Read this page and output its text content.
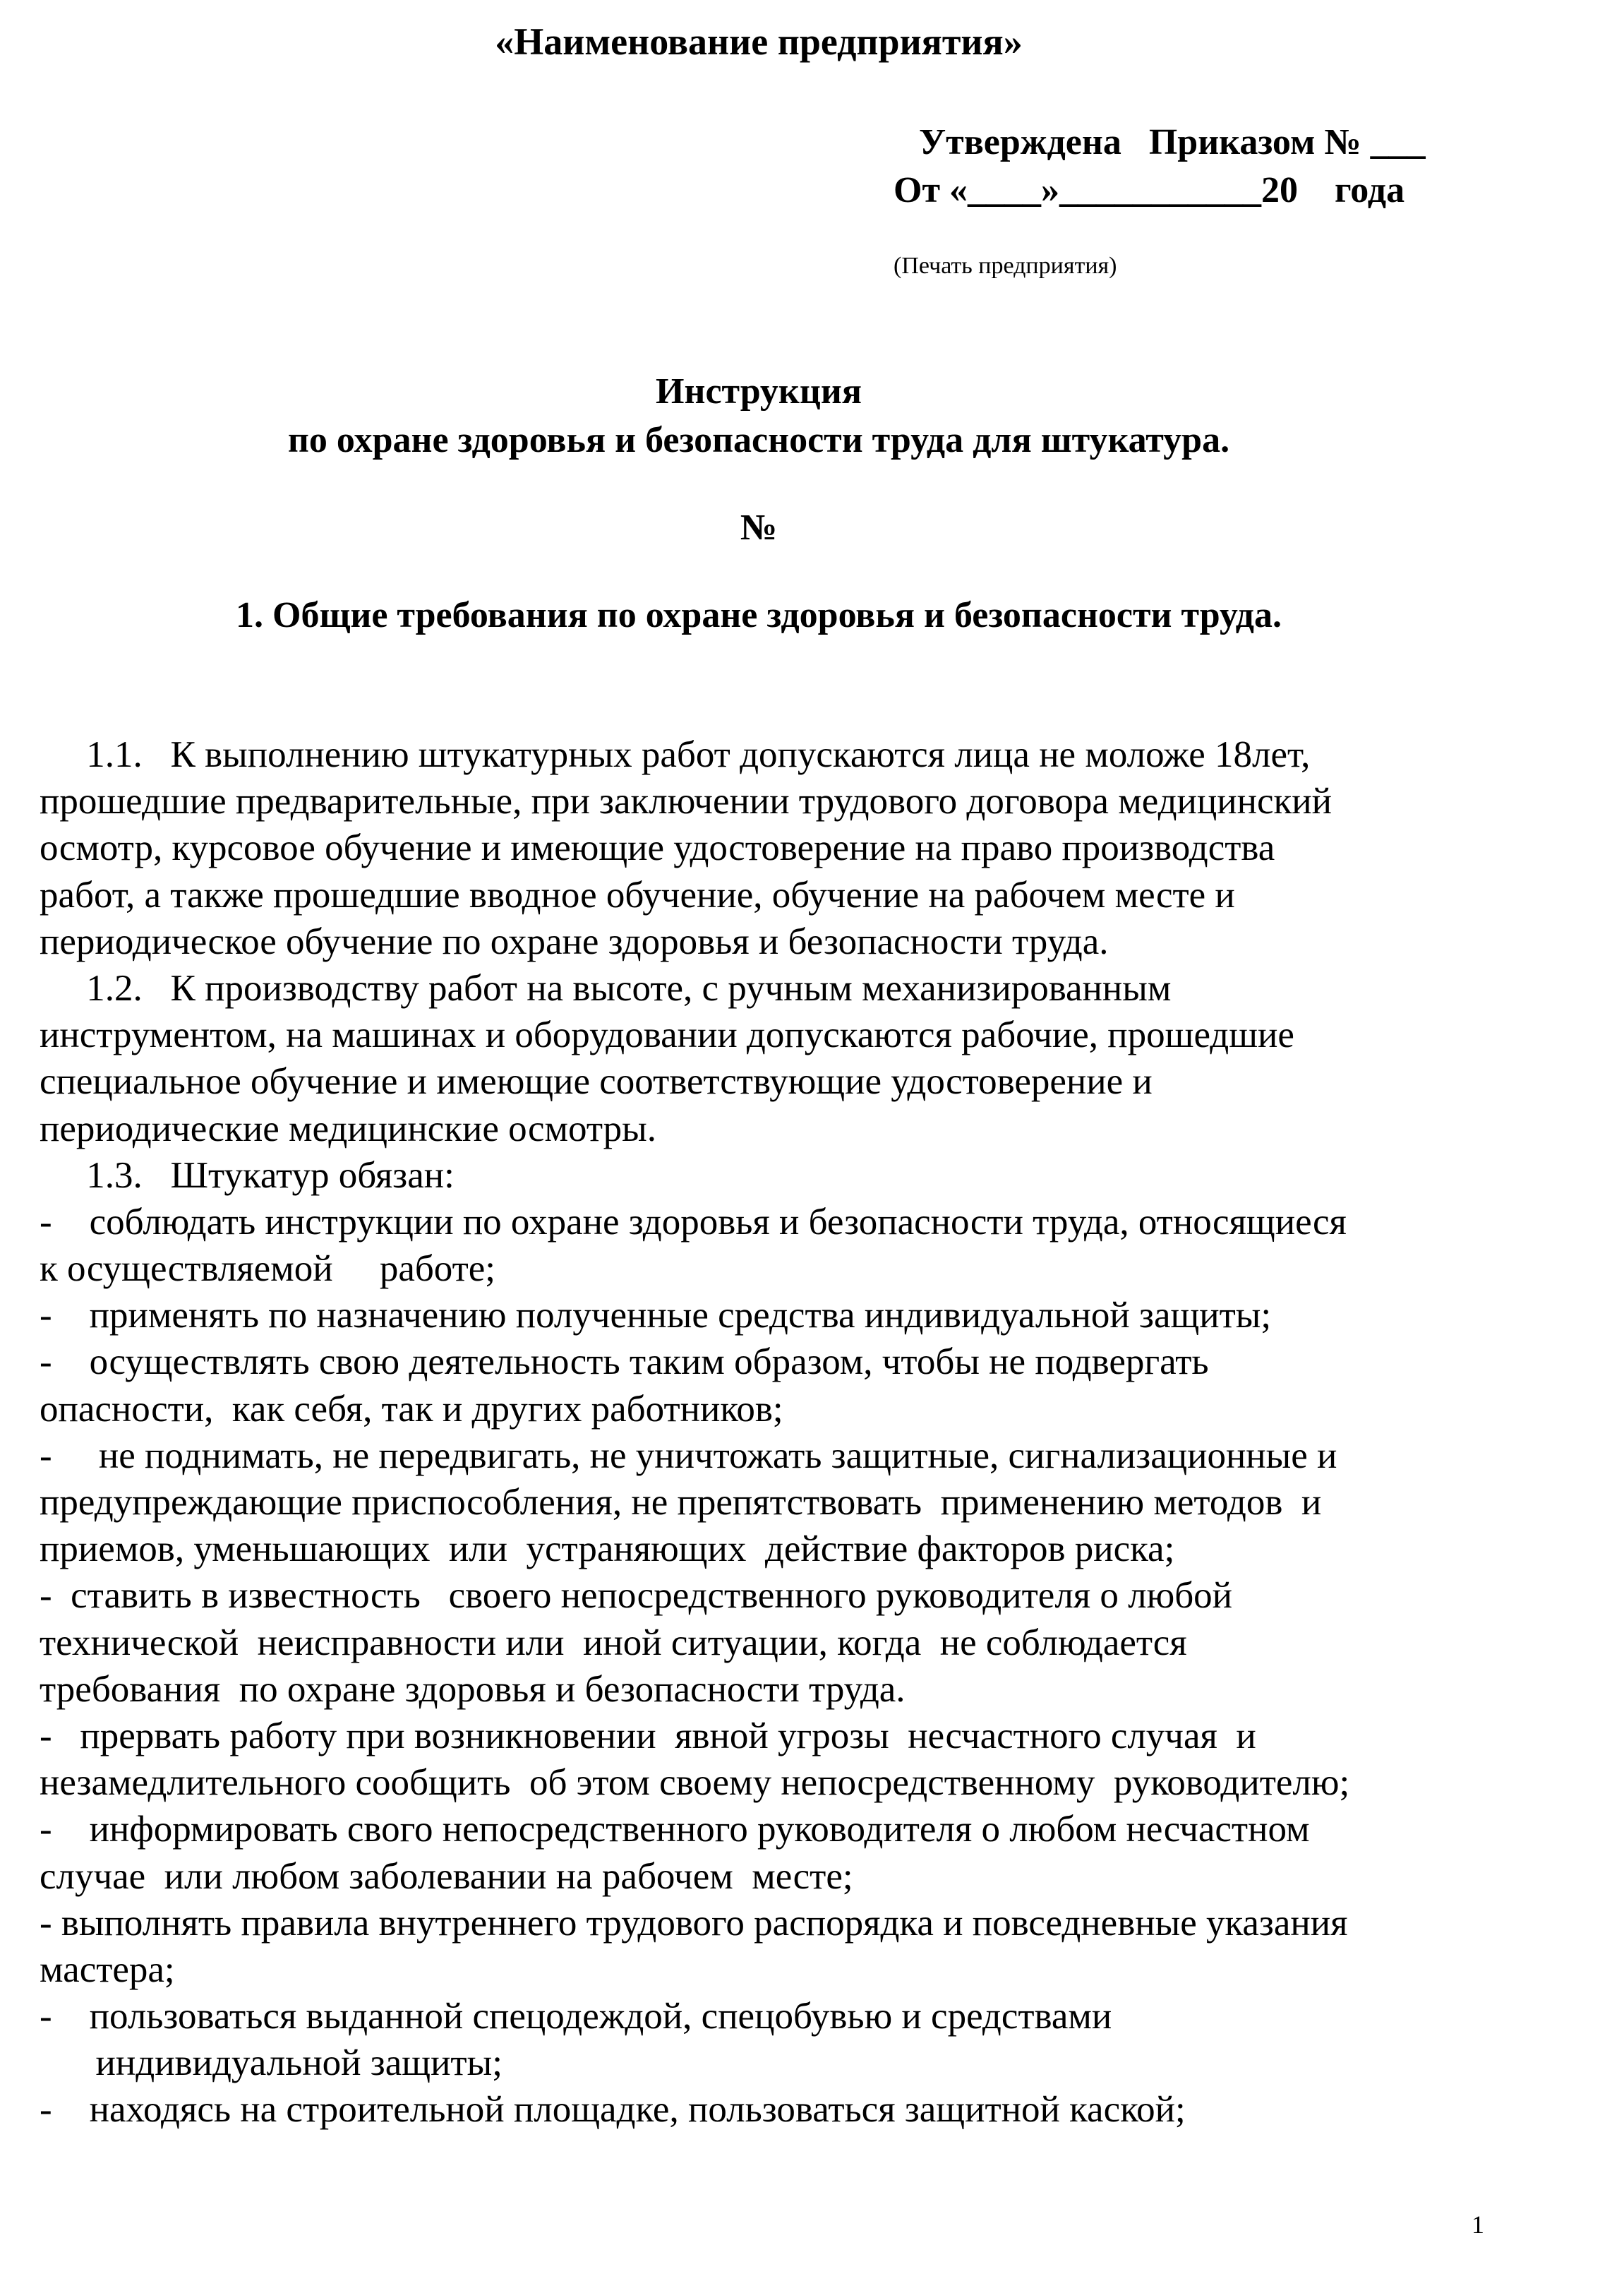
«Наименование предприятия»
Утверждена   Приказом № ___
От «____»___________20    года
(Печать предприятия)
Инструкция
по охране здоровья и безопасности труда для штукатура.
№
1. Общие требования по охране здоровья и безопасности труда.
1.1.   К выполнению штукатурных работ допускаются лица не моложе 18лет,
прошедшие предварительные, при заключении трудового договора медицинский
осмотр, курсовое обучение и имеющие удостоверение на право производства
работ, а также прошедшие вводное обучение, обучение на рабочем месте и
периодическое обучение по охране здоровья и безопасности труда.
1.2.   К производству работ на высоте, с ручным механизированным
инструментом, на машинах и оборудовании допускаются рабочие, прошедшие
специальное обучение и имеющие соответствующие удостоверение и
периодические медицинские осмотры.
1.3.   Штукатур обязан:
-    соблюдать инструкции по охране здоровья и безопасности труда, относящиеся
к осуществляемой     работе;
-    применять по назначению полученные средства индивидуальной защиты;
-    осуществлять свою деятельность таким образом, чтобы не подвергать
опасности,  как себя, так и других работников;
-     не поднимать, не передвигать, не уничтожать защитные, сигнализационные и
предупреждающие приспособления, не препятствовать  применению методов  и
приемов, уменьшающих  или  устраняющих  действие факторов риска;
-  ставить в известность   своего непосредственного руководителя о любой
технической  неисправности или  иной ситуации, когда  не соблюдается
требования  по охране здоровья и безопасности труда.
-   прервать работу при возникновении  явной угрозы  несчастного случая  и
незамедлительного сообщить  об этом своему непосредственному  руководителю;
-    информировать свого непосредственного руководителя о любом несчастном
случае  или любом заболевании на рабочем  месте;
- выполнять правила внутреннего трудового распорядка и повседневные указания
мастера;
-    пользоваться выданной спецодеждой, спецобувью и средствами
индивидуальной защиты;
-    находясь на строительной площадке, пользоваться защитной каской;
1
